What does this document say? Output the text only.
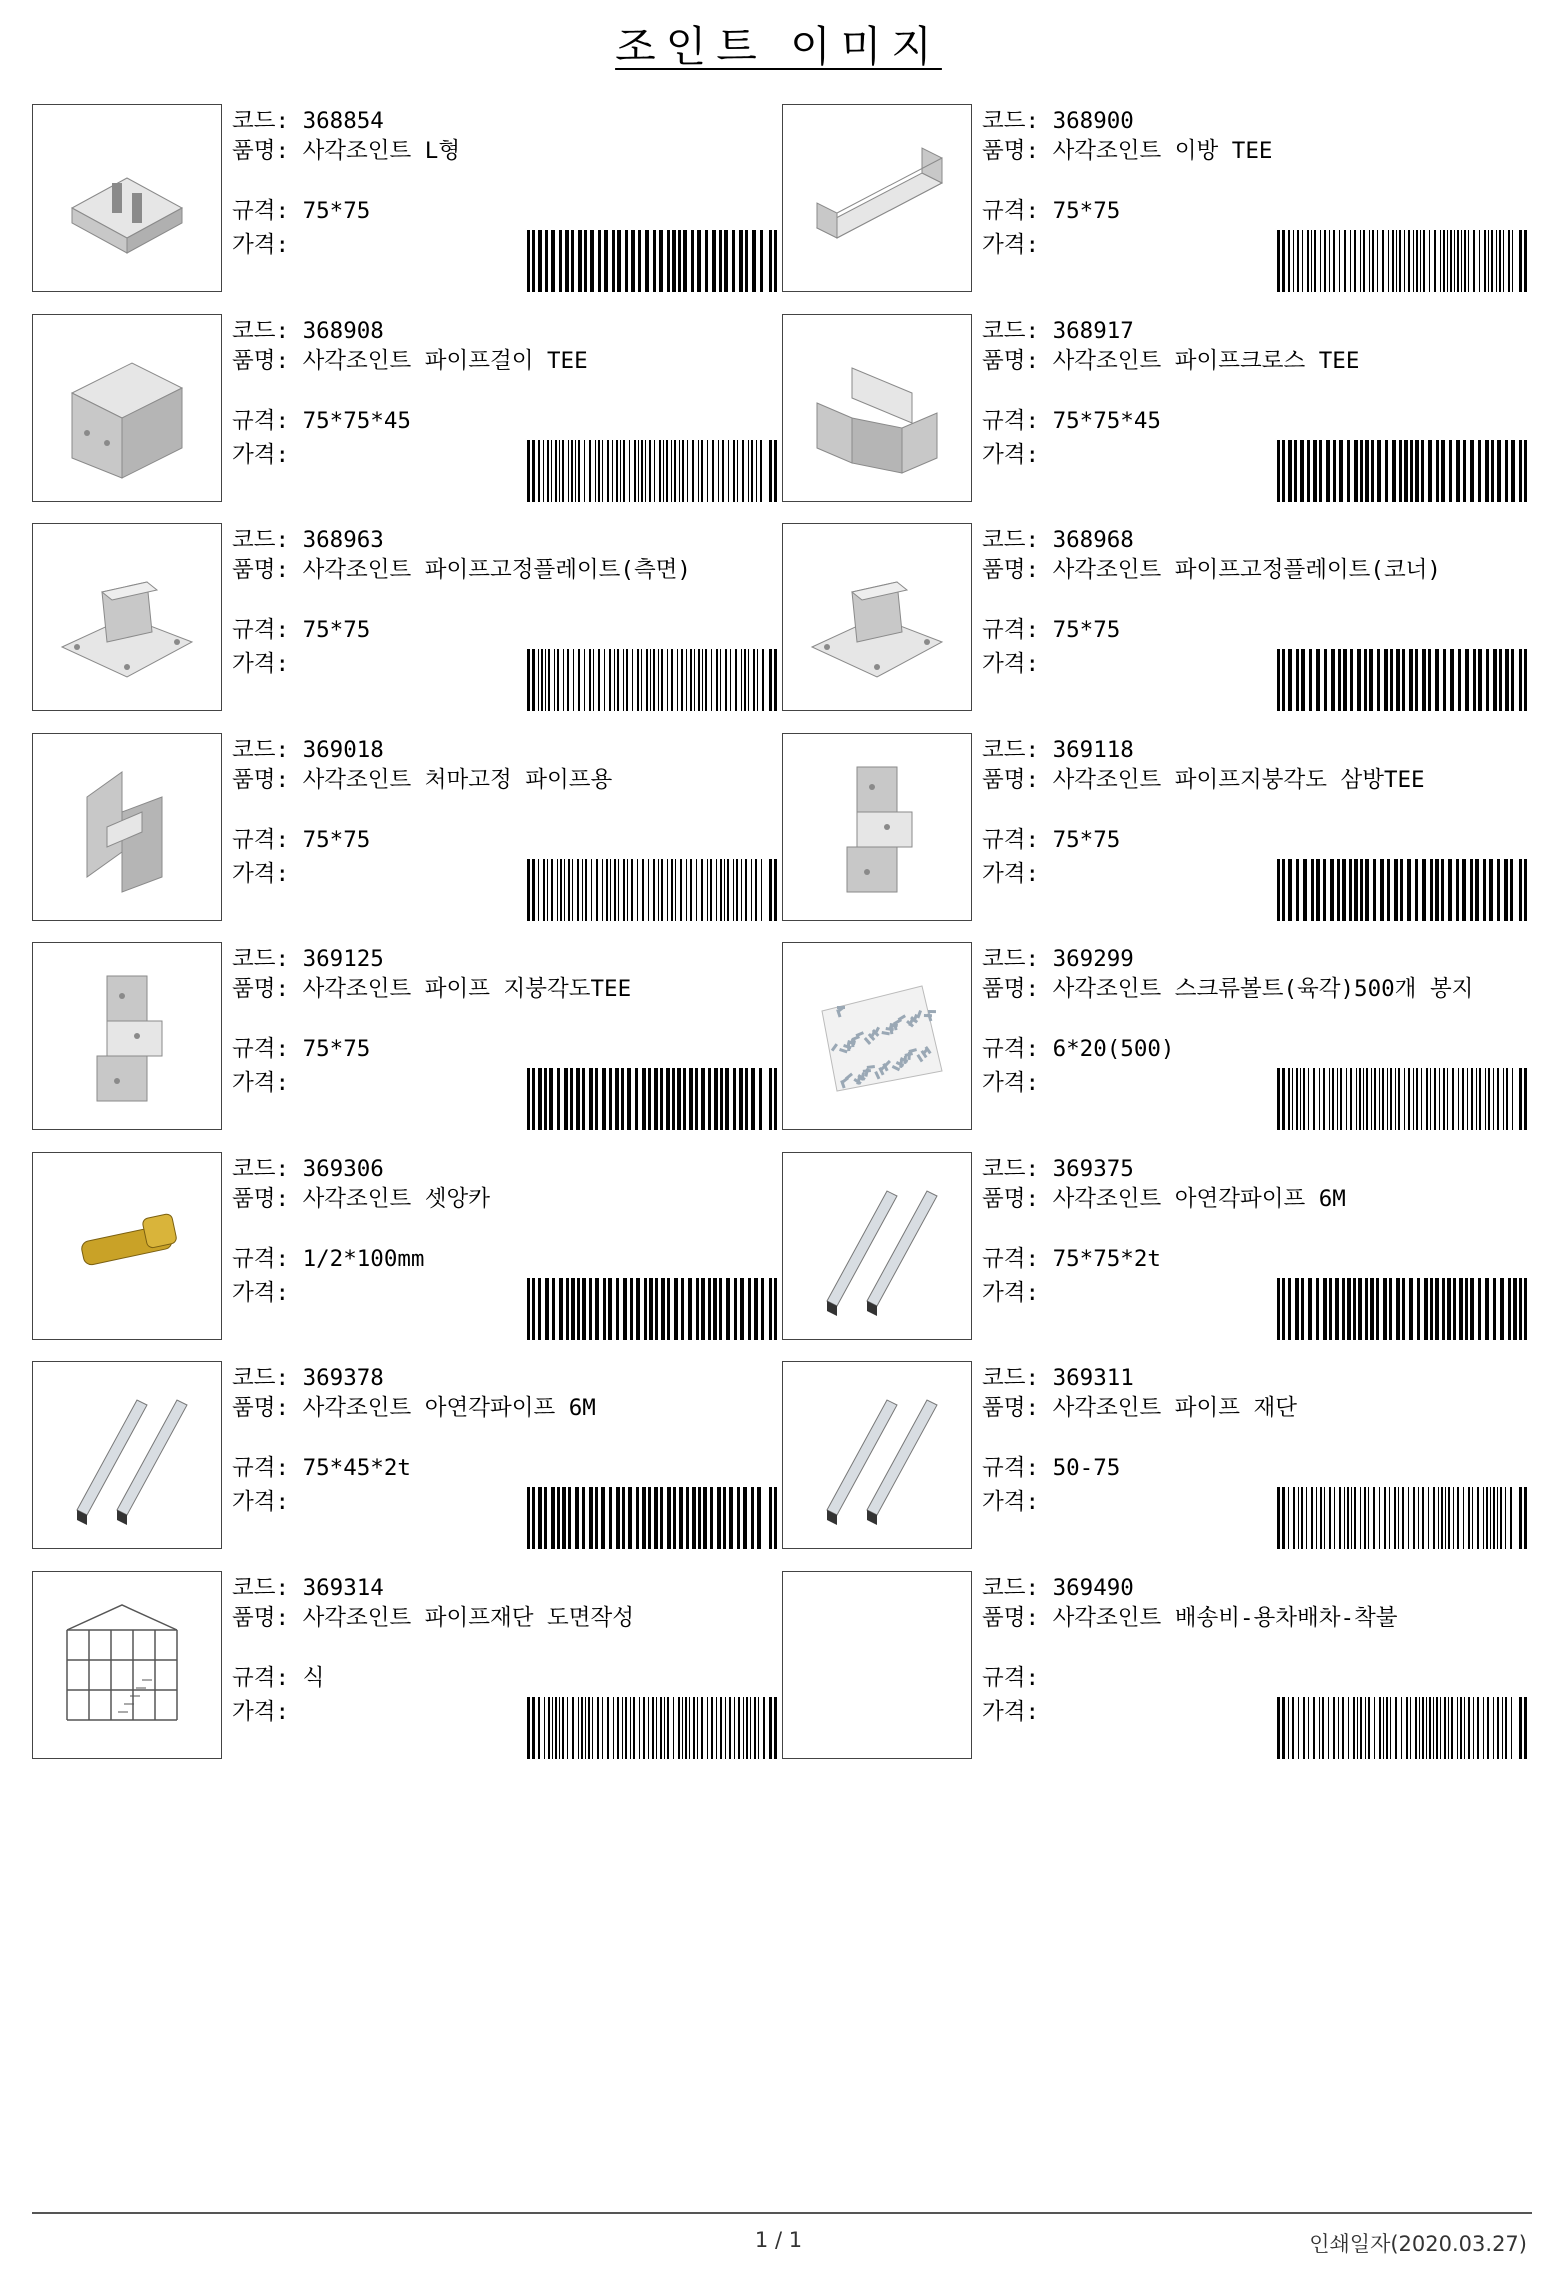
조인트 이미지
코드: 368854
품명: 사각조인트 L형
규격: 75*75
가격:
코드: 368900
품명: 사각조인트 이방 TEE
규격: 75*75
가격:
코드: 368908
품명: 사각조인트 파이프걸이 TEE
규격: 75*75*45
가격:
코드: 368917
품명: 사각조인트 파이프크로스 TEE
규격: 75*75*45
가격:
코드: 368963
품명: 사각조인트 파이프고정플레이트(측면)
규격: 75*75
가격:
코드: 368968
품명: 사각조인트 파이프고정플레이트(코너)
규격: 75*75
가격:
코드: 369018
품명: 사각조인트 처마고정 파이프용
규격: 75*75
가격:
코드: 369118
품명: 사각조인트 파이프지붕각도 삼방TEE
규격: 75*75
가격:
코드: 369125
품명: 사각조인트 파이프 지붕각도TEE
규격: 75*75
가격:
코드: 369299
품명: 사각조인트 스크류볼트(육각)500개 봉지
규격: 6*20(500)
가격:
코드: 369306
품명: 사각조인트 셋앙카
규격: 1/2*100mm
가격:
코드: 369375
품명: 사각조인트 아연각파이프 6M
규격: 75*75*2t
가격:
코드: 369378
품명: 사각조인트 아연각파이프 6M
규격: 75*45*2t
가격:
코드: 369311
품명: 사각조인트 파이프 재단
규격: 50-75
가격:
코드: 369314
품명: 사각조인트 파이프재단 도면작성
규격: 식
가격:
코드: 369490
품명: 사각조인트 배송비-용차배차-착불
규격:
가격:
1 / 1	인쇄일자(2020.03.27)
